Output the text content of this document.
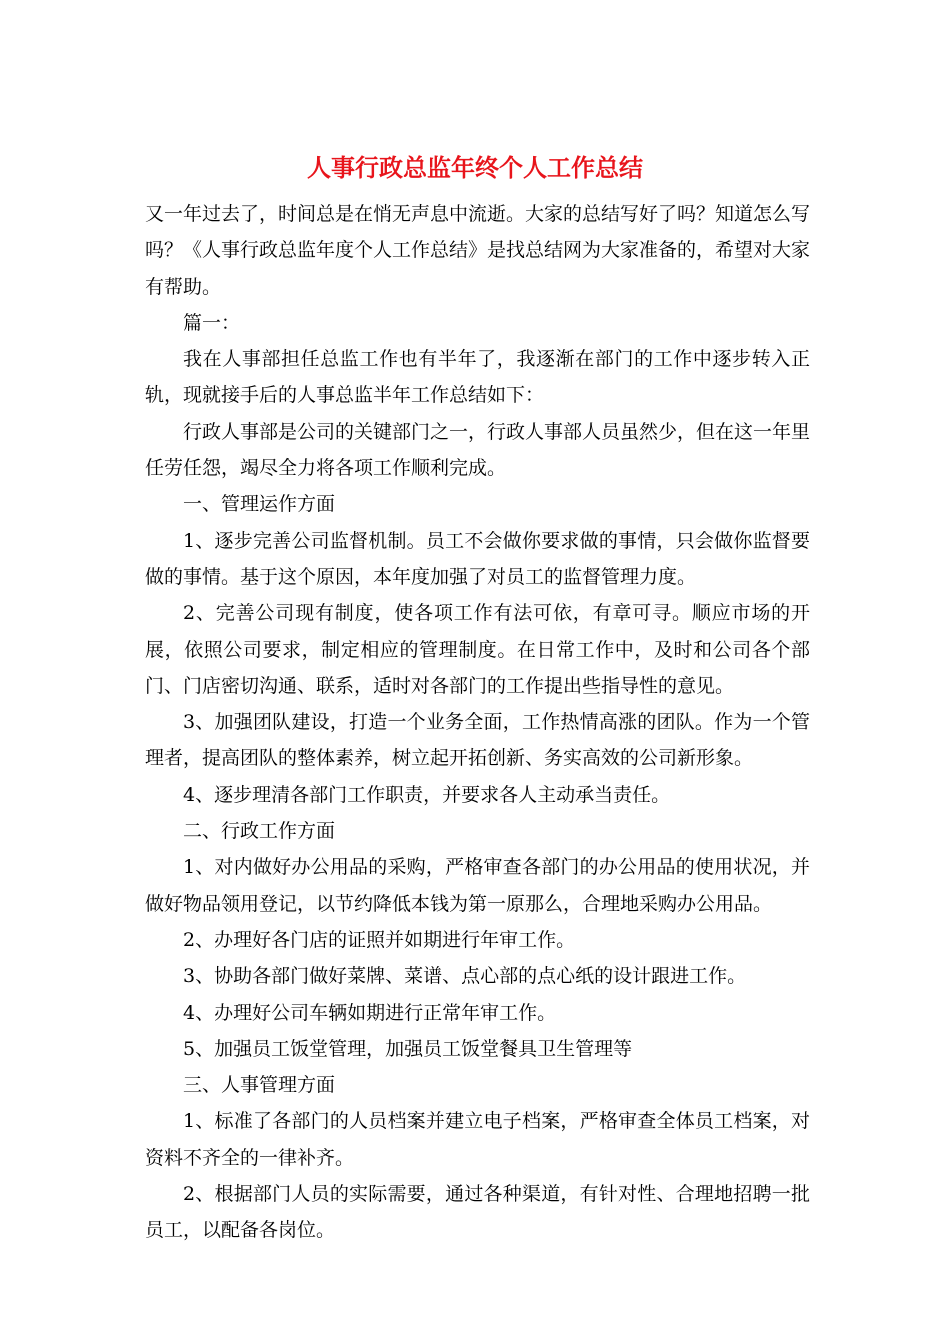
人事行政总监年终个人工作总结

又一年过去了，时间总是在悄无声息中流逝。大家的总结写好了吗？知道怎么写吗？《人事行政总监年度个人工作总结》是找总结网为大家准备的，希望对大家有帮助。

篇一：

我在人事部担任总监工作也有半年了，我逐渐在部门的工作中逐步转入正轨，现就接手后的人事总监半年工作总结如下：

行政人事部是公司的关键部门之一，行政人事部人员虽然少，但在这一年里任劳任怨，竭尽全力将各项工作顺利完成。

一、管理运作方面

1、逐步完善公司监督机制。员工不会做你要求做的事情，只会做你监督要做的事情。基于这个原因，本年度加强了对员工的监督管理力度。

2、完善公司现有制度，使各项工作有法可依，有章可寻。顺应市场的开展，依照公司要求，制定相应的管理制度。在日常工作中，及时和公司各个部门、门店密切沟通、联系，适时对各部门的工作提出些指导性的意见。

3、加强团队建设，打造一个业务全面，工作热情高涨的团队。作为一个管理者，提高团队的整体素养，树立起开拓创新、务实高效的公司新形象。

4、逐步理清各部门工作职责，并要求各人主动承当责任。

二、行政工作方面

1、对内做好办公用品的采购，严格审查各部门的办公用品的使用状况，并做好物品领用登记，以节约降低本钱为第一原那么，合理地采购办公用品。

2、办理好各门店的证照并如期进行年审工作。

3、协助各部门做好菜牌、菜谱、点心部的点心纸的设计跟进工作。

4、办理好公司车辆如期进行正常年审工作。

5、加强员工饭堂管理，加强员工饭堂餐具卫生管理等

三、人事管理方面

1、标准了各部门的人员档案并建立电子档案，严格审查全体员工档案，对资料不齐全的一律补齐。

2、根据部门人员的实际需要，通过各种渠道，有针对性、合理地招聘一批员工，以配备各岗位。
